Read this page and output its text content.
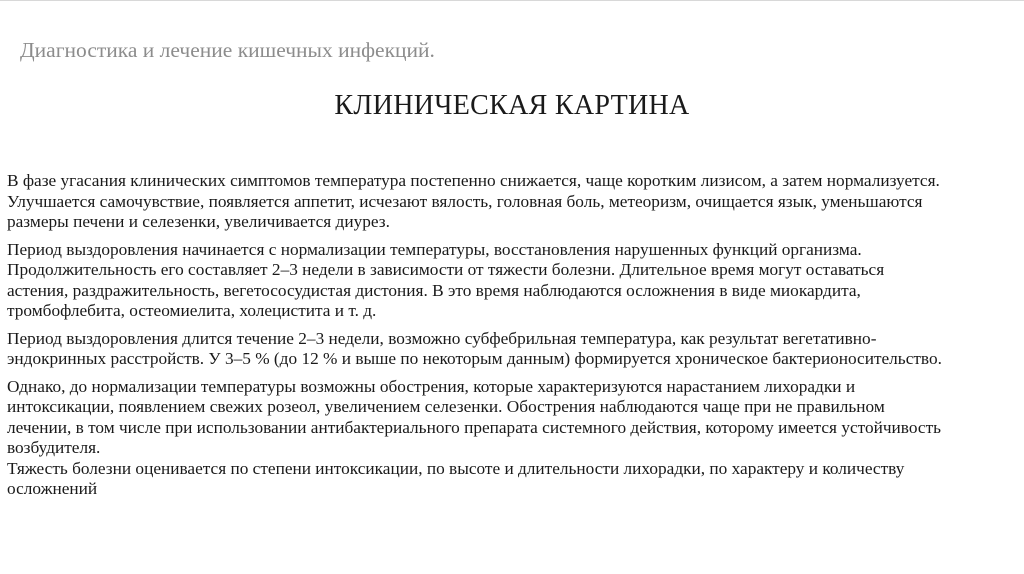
Диагностика и лечение кишечных инфекций.
КЛИНИЧЕСКАЯ КАРТИНА

В фазе угасания клинических симптомов температура постепенно снижается, чаще коротким лизисом, а затем нормализуется. Улучшается самочувствие, появляется аппетит, исчезают вялость, головная боль, метеоризм, очищается язык, уменьшаются размеры печени и селезенки, увеличивается диурез.

Период выздоровления начинается с нормализации температуры, восстановления нарушенных функций организма. Продолжительность его составляет 2–3 недели в зависимости от тяжести болезни. Длительное время могут оставаться астения, раздражительность, вегетососудистая дистония. В это время наблюдаются осложнения в виде миокардита, тромбофлебита, остеомиелита, холецистита и т. д.

Период выздоровления длится течение 2–3 недели, возможно субфебрильная температура, как результат вегетативно-эндокринных расстройств. У 3–5 % (до 12 % и выше по некоторым данным) формируется хроническое бактерионосительство.

Однако, до нормализации температуры возможны обострения, которые характеризуются нарастанием лихорадки и интоксикации, появлением свежих розеол, увеличением селезенки. Обострения наблюдаются чаще при не правильном лечении, в том числе при использовании антибактериального препарата системного действия, которому имеется устойчивость возбудителя.
Тяжесть болезни оценивается по степени интоксикации, по высоте и длительности лихорадки, по характеру и количеству осложнений
